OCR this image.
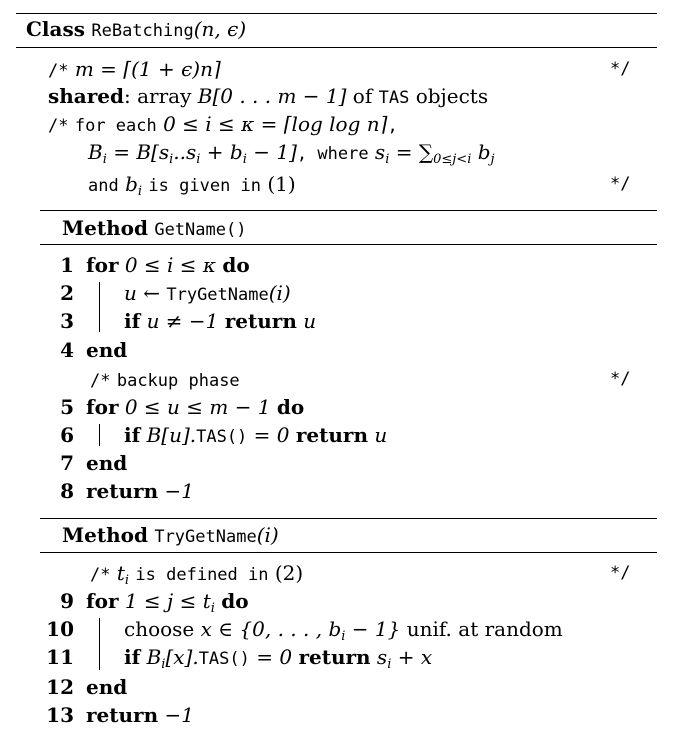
Class ReBatching(n, ϵ)
/* m = ⌈(1 + ϵ)n⌉	*/
shared: array B[0 . . . m − 1] of TAS objects
/* for each 0 ≤ i ≤ κ = ⌈log log n⌉,
$B_i = B[s_i..s_i + b_i - 1]$, where $s_i = \sum_{0\le j<i}$ $b_j$
and $b_i$ is given in (1)	*/
Method GetName()
1 for 0 ≤ i ≤ κ do
2	u ← TryGetName(i)
3	if u ≠ −1 return u
4 end
/* backup phase	*/
5 for 0 ≤ u ≤ m − 1 do
6	if B[u].TAS() = 0 return u
7 end
8 return −1
Method TryGetName(i)
/* $t_i$ is defined in (2)	*/
9 for $1 \le j \le t_i$ do
10	choose x ∈ {0, . . . , $b_i - 1$} unif. at random
11	if $B_i[x].TAS() = 0$ return $s_i + x$
12 end
13 return −1
